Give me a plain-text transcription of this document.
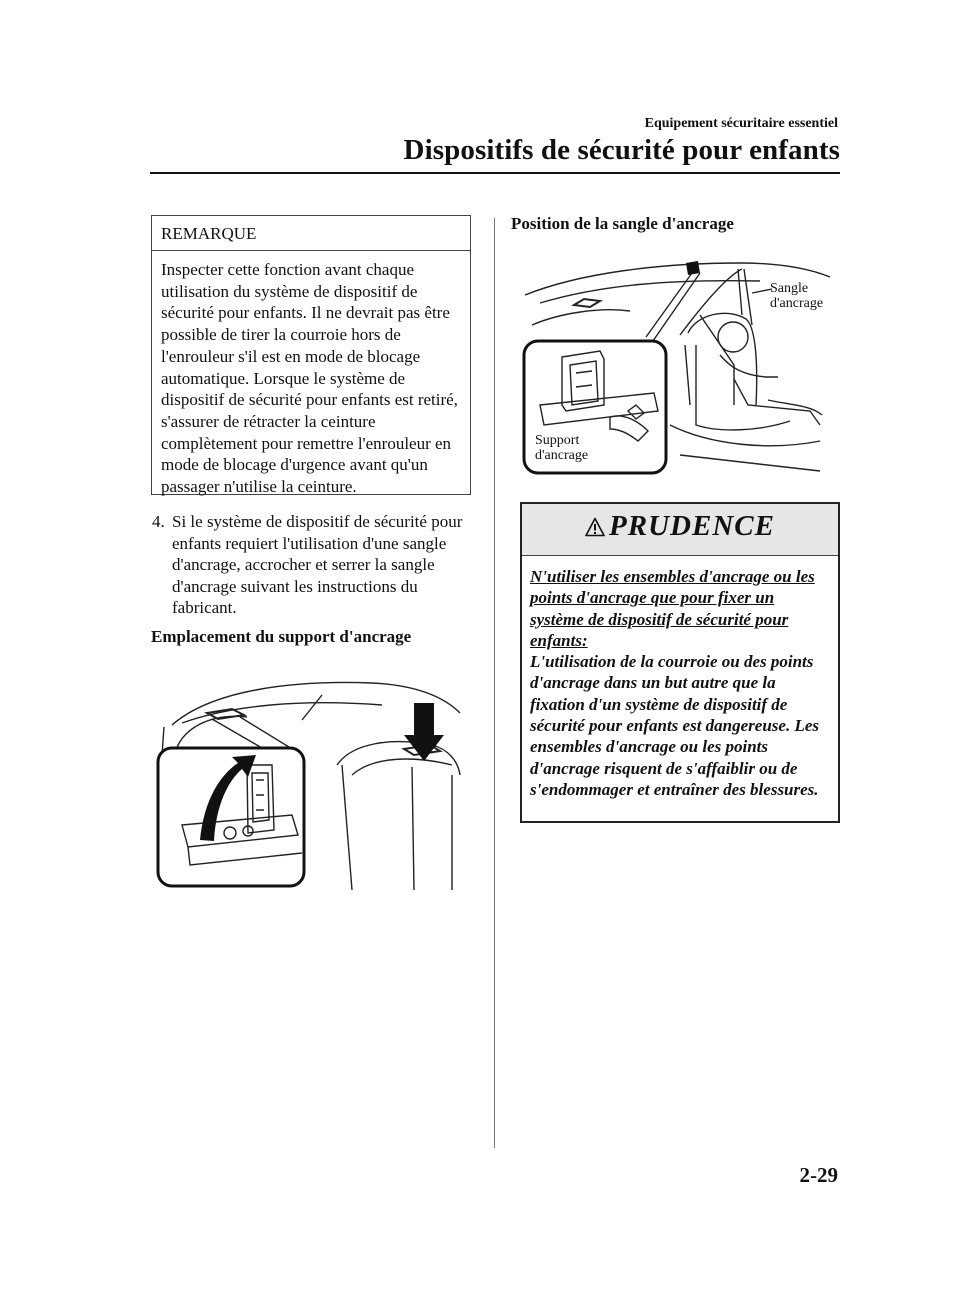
Equipement sécuritaire essentiel
Dispositifs de sécurité pour enfants
REMARQUE
Inspecter cette fonction avant chaque utilisation du système de dispositif de sécurité pour enfants. Il ne devrait pas être possible de tirer la courroie hors de l'enrouleur s'il est en mode de blocage automatique. Lorsque le système de dispositif de sécurité pour enfants est retiré, s'assurer de rétracter la ceinture complètement pour remettre l'enrouleur en mode de blocage d'urgence avant qu'un passager n'utilise la ceinture.
4. Si le système de dispositif de sécurité pour enfants requiert l'utilisation d'une sangle d'ancrage, accrocher et serrer la sangle d'ancrage suivant les instructions du fabricant.
Emplacement du support d'ancrage
Position de la sangle d'ancrage
Sangle
d'ancrage
Support
d'ancrage
PRUDENCE
N'utiliser les ensembles d'ancrage ou les points d'ancrage que pour fixer un système de dispositif de sécurité pour enfants:
L'utilisation de la courroie ou des points d'ancrage dans un but autre que la fixation d'un système de dispositif de sécurité pour enfants est dangereuse. Les ensembles d'ancrage ou les points d'ancrage risquent de s'affaiblir ou de s'endommager et entraîner des blessures.
2-29
